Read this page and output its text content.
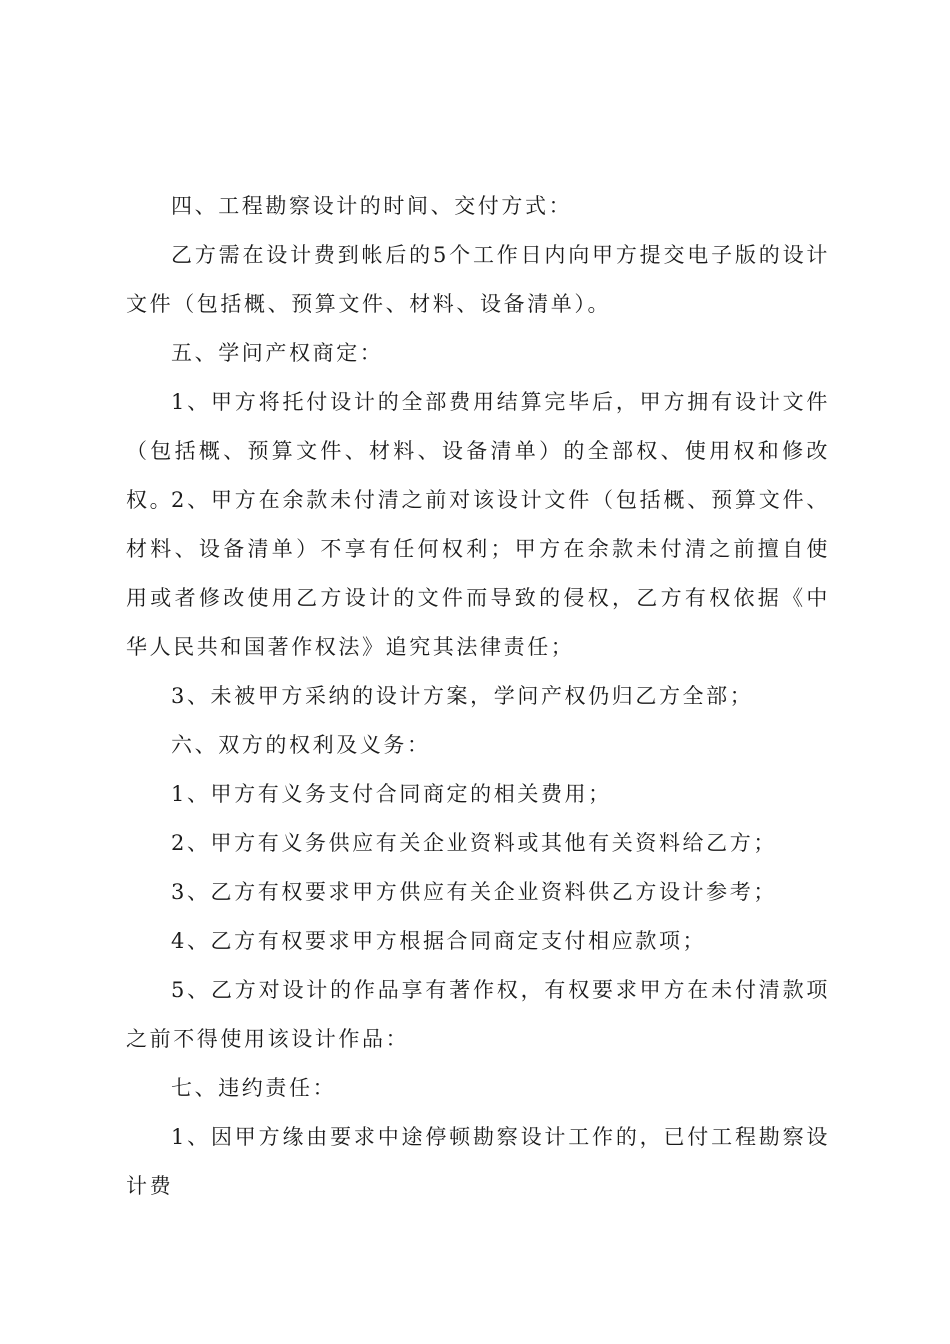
四、工程勘察设计的时间、交付方式：

乙方需在设计费到帐后的5个工作日内向甲方提交电子版的设计文件（包括概、预算文件、材料、设备清单）。

五、学问产权商定：

1、甲方将托付设计的全部费用结算完毕后，甲方拥有设计文件（包括概、预算文件、材料、设备清单）的全部权、使用权和修改权。

2、甲方在余款未付清之前对该设计文件（包括概、预算文件、材料、设备清单）不享有任何权利；甲方在余款未付清之前擅自使用或者修改使用乙方设计的文件而导致的侵权，乙方有权依据《中华人民共和国著作权法》追究其法律责任；

3、未被甲方采纳的设计方案，学问产权仍归乙方全部；

六、双方的权利及义务：

1、甲方有义务支付合同商定的相关费用；

2、甲方有义务供应有关企业资料或其他有关资料给乙方；

3、乙方有权要求甲方供应有关企业资料供乙方设计参考；

4、乙方有权要求甲方根据合同商定支付相应款项；

5、乙方对设计的作品享有著作权，有权要求甲方在未付清款项之前不得使用该设计作品：

七、违约责任：

1、因甲方缘由要求中途停顿勘察设计工作的，已付工程勘察设计费
